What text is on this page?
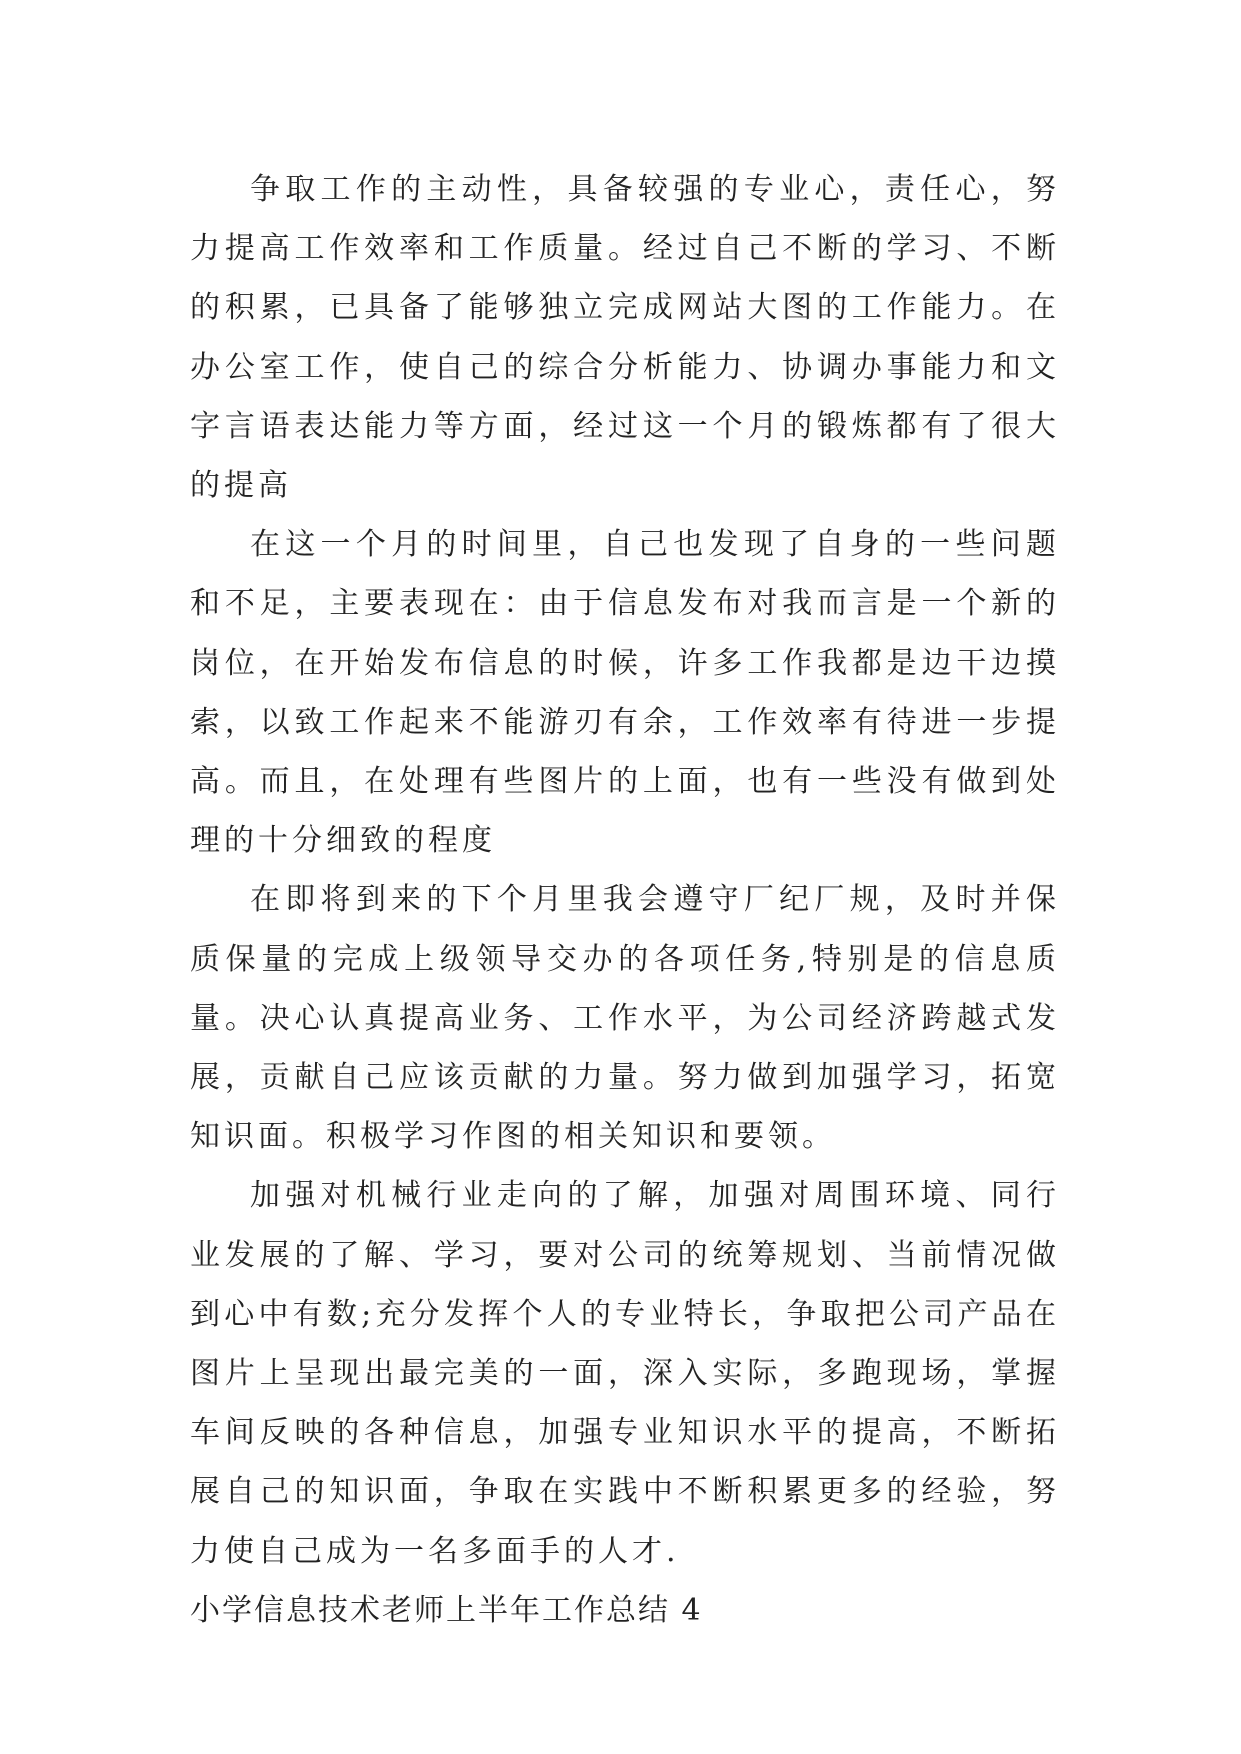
争取工作的主动性，具备较强的专业心，责任心，努力提高工作效率和工作质量。经过自己不断的学习、不断的积累，已具备了能够独立完成网站大图的工作能力。在办公室工作，使自己的综合分析能力、协调办事能力和文字言语表达能力等方面，经过这一个月的锻炼都有了很大的提高

在这一个月的时间里，自己也发现了自身的一些问题和不足，主要表现在：由于信息发布对我而言是一个新的岗位，在开始发布信息的时候，许多工作我都是边干边摸索，以致工作起来不能游刃有余，工作效率有待进一步提高。而且，在处理有些图片的上面，也有一些没有做到处理的十分细致的程度

在即将到来的下个月里我会遵守厂纪厂规，及时并保质保量的完成上级领导交办的各项任务,特别是的信息质量。决心认真提高业务、工作水平，为公司经济跨越式发展，贡献自己应该贡献的力量。努力做到加强学习，拓宽知识面。积极学习作图的相关知识和要领。

加强对机械行业走向的了解，加强对周围环境、同行业发展的了解、学习，要对公司的统筹规划、当前情况做到心中有数;充分发挥个人的专业特长，争取把公司产品在图片上呈现出最完美的一面，深入实际，多跑现场，掌握车间反映的各种信息，加强专业知识水平的提高，不断拓展自己的知识面，争取在实践中不断积累更多的经验，努力使自己成为一名多面手的人才.

小学信息技术老师上半年工作总结 4
